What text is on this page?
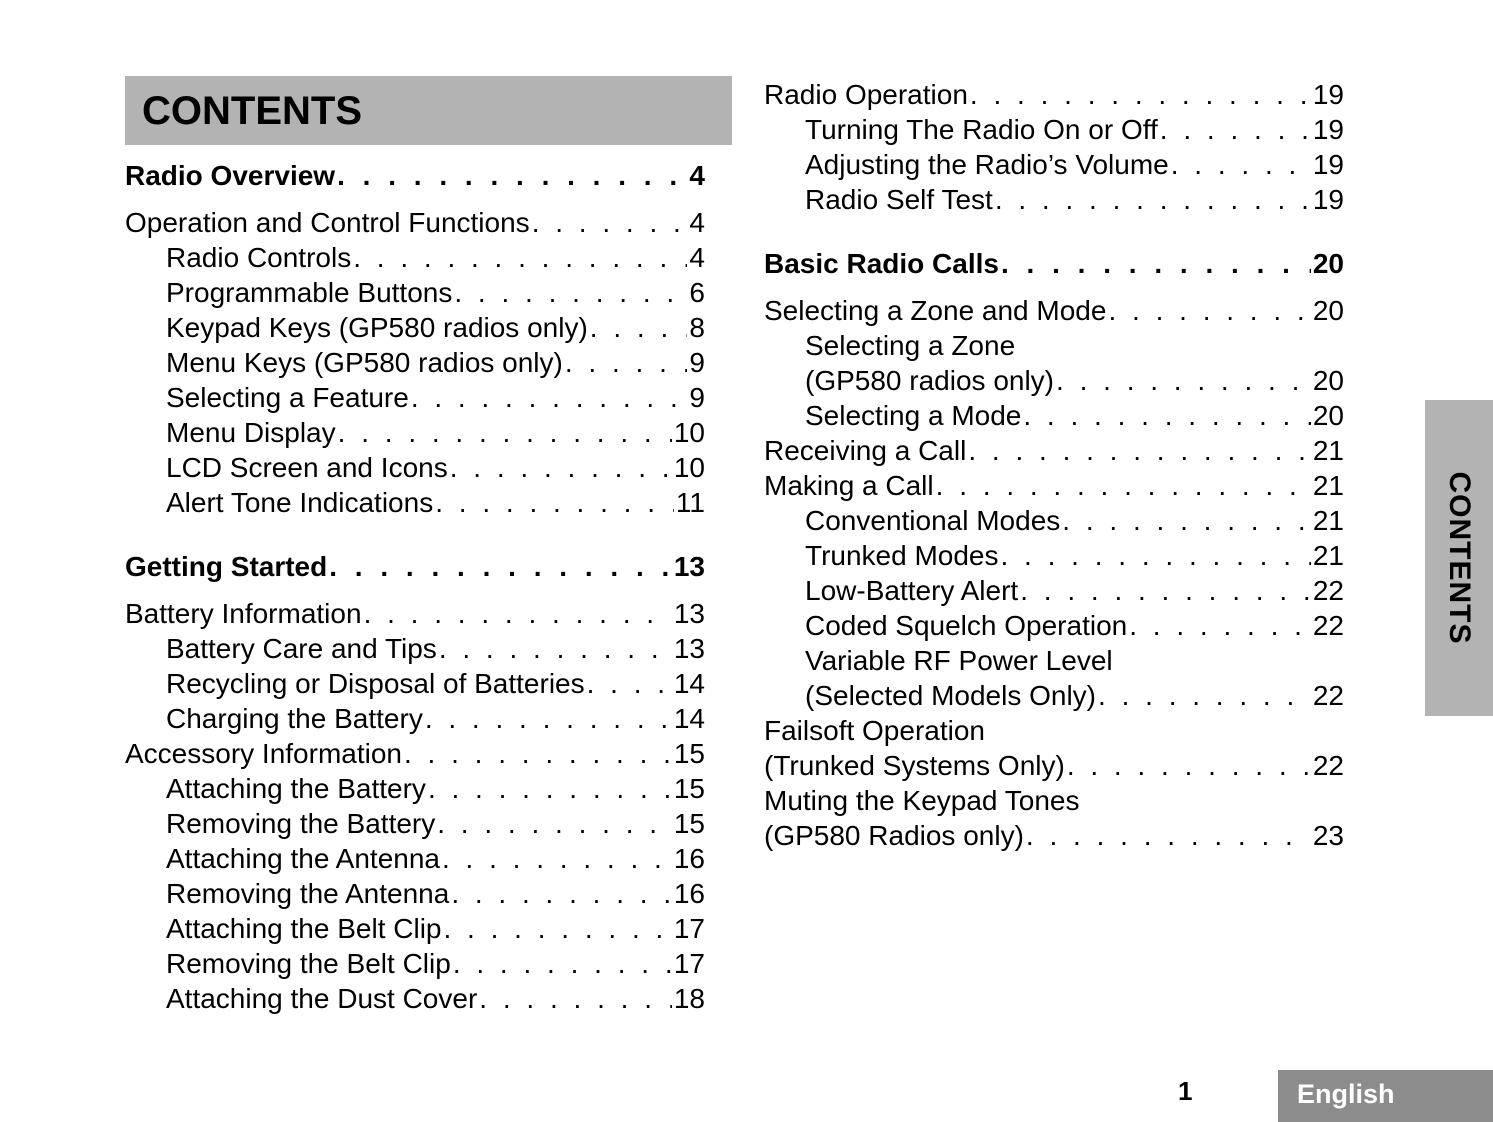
CONTENTS
Radio Overview . . .	4
Operation and Control Functions . . .	4
Radio Controls . . .	4
Programmable Buttons . . .	6
Keypad Keys (GP580 radios only) . . .	8
Menu Keys (GP580 radios only) . . .	9
Selecting a Feature . . .	9
Menu Display . . .	10
LCD Screen and Icons . . .	10
Alert Tone Indications . . .	11
Getting Started . . .	13
Battery Information . . .	13
Battery Care and Tips . . .	13
Recycling or Disposal of Batteries . . .	14
Charging the Battery . . .	14
Accessory Information . . .	15
Attaching the Battery . . .	15
Removing the Battery . . .	15
Attaching the Antenna . . .	16
Removing the Antenna . . .	16
Attaching the Belt Clip . . .	17
Removing the Belt Clip . . .	17
Attaching the Dust Cover . . .	18
Radio Operation . . .	19
Turning The Radio On or Off . . .	19
Adjusting the Radio’s Volume . . .	19
Radio Self Test . . .	19
Basic Radio Calls . . .	20
Selecting a Zone and Mode . . .	20
Selecting a Zone
(GP580 radios only) . . .	20
Selecting a Mode . . .	20
Receiving a Call . . .	21
Making a Call . . .	21
Conventional Modes . . .	21
Trunked Modes . . .	21
Low-Battery Alert . . .	22
Coded Squelch Operation . . .	22
Variable RF Power Level
(Selected Models Only) . . .	22
Failsoft Operation
(Trunked Systems Only) . . .	22
Muting the Keypad Tones
(GP580 Radios only) . . .	23
CONTENTS
1	English
